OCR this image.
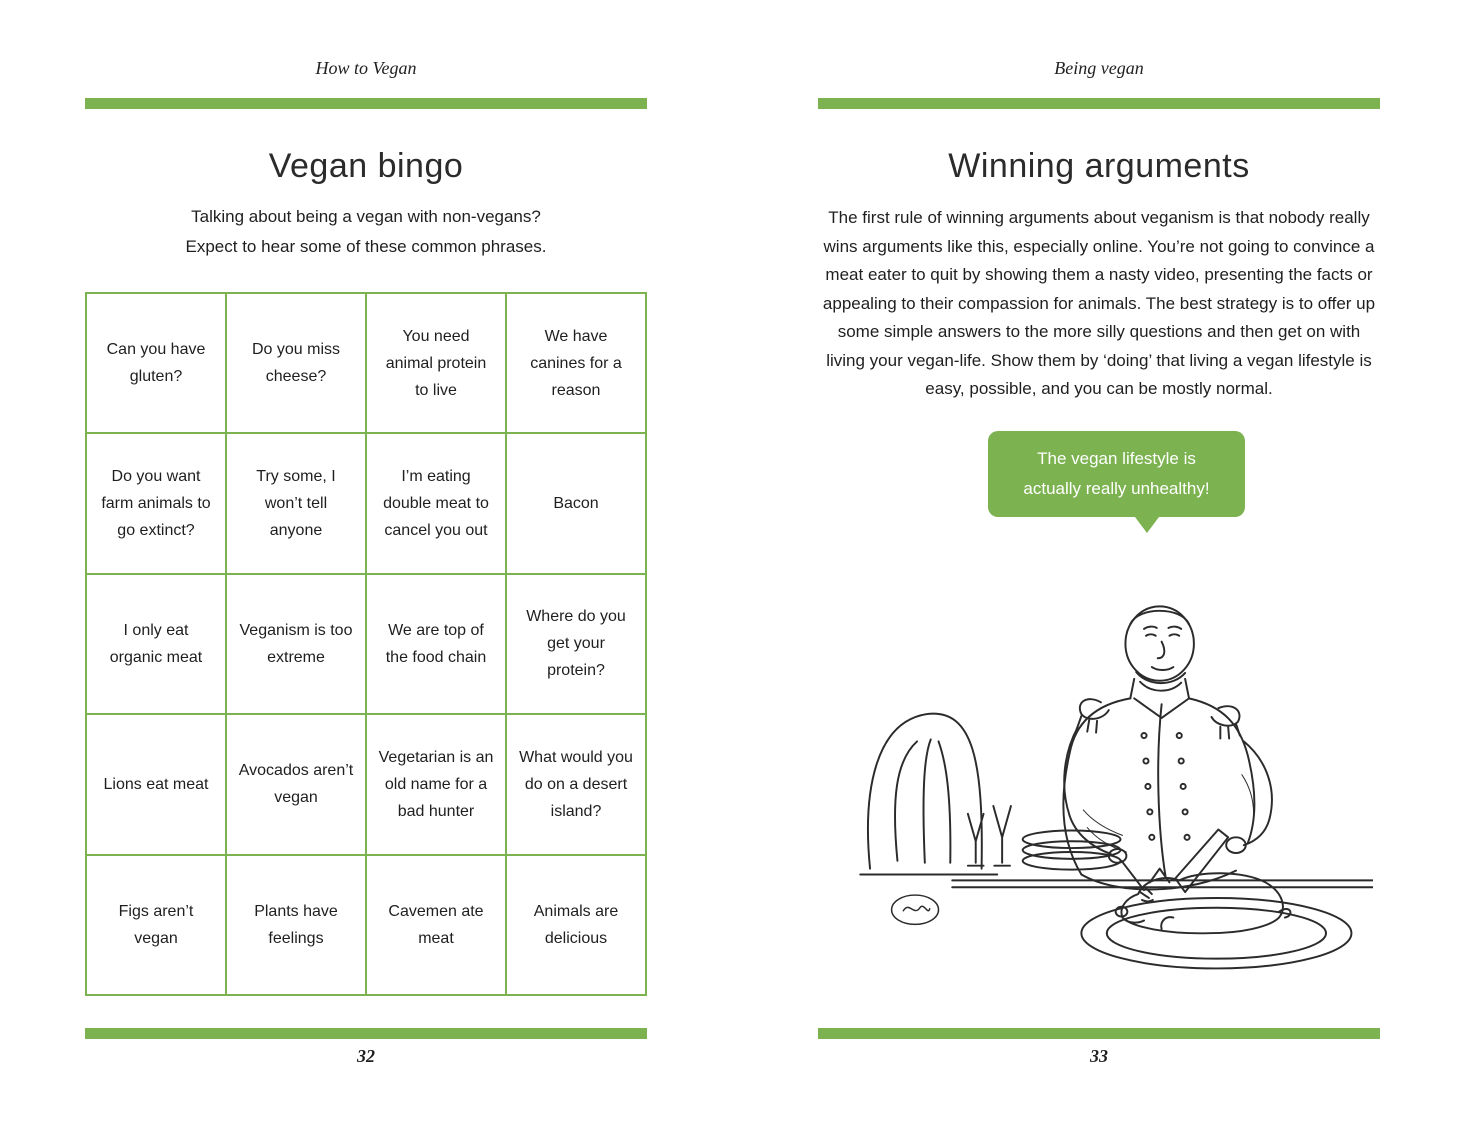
How to Vegan
Vegan bingo
Talking about being a vegan with non-vegans?
Expect to hear some of these common phrases.
Can you have gluten?
Do you miss cheese?
You need animal protein to live
We have canines for a reason
Do you want farm animals to go extinct?
Try some, I won’t tell anyone
I’m eating double meat to cancel you out
Bacon
I only eat organic meat
Veganism is too extreme
We are top of the food chain
Where do you get your protein?
Lions eat meat
Avocados aren’t vegan
Vegetarian is an old name for a bad hunter
What would you do on a desert island?
Figs aren’t vegan
Plants have feelings
Cavemen ate meat
Animals are delicious
32
Being vegan
Winning arguments
The first rule of winning arguments about veganism is that nobody really wins arguments like this, especially online. You’re not going to convince a meat eater to quit by showing them a nasty video, presenting the facts or appealing to their compassion for animals. The best strategy is to offer up some simple answers to the more silly questions and then get on with living your vegan-life. Show them by ‘doing’ that living a vegan lifestyle is easy, possible, and you can be mostly normal.
The vegan lifestyle is actually really unhealthy!
33
